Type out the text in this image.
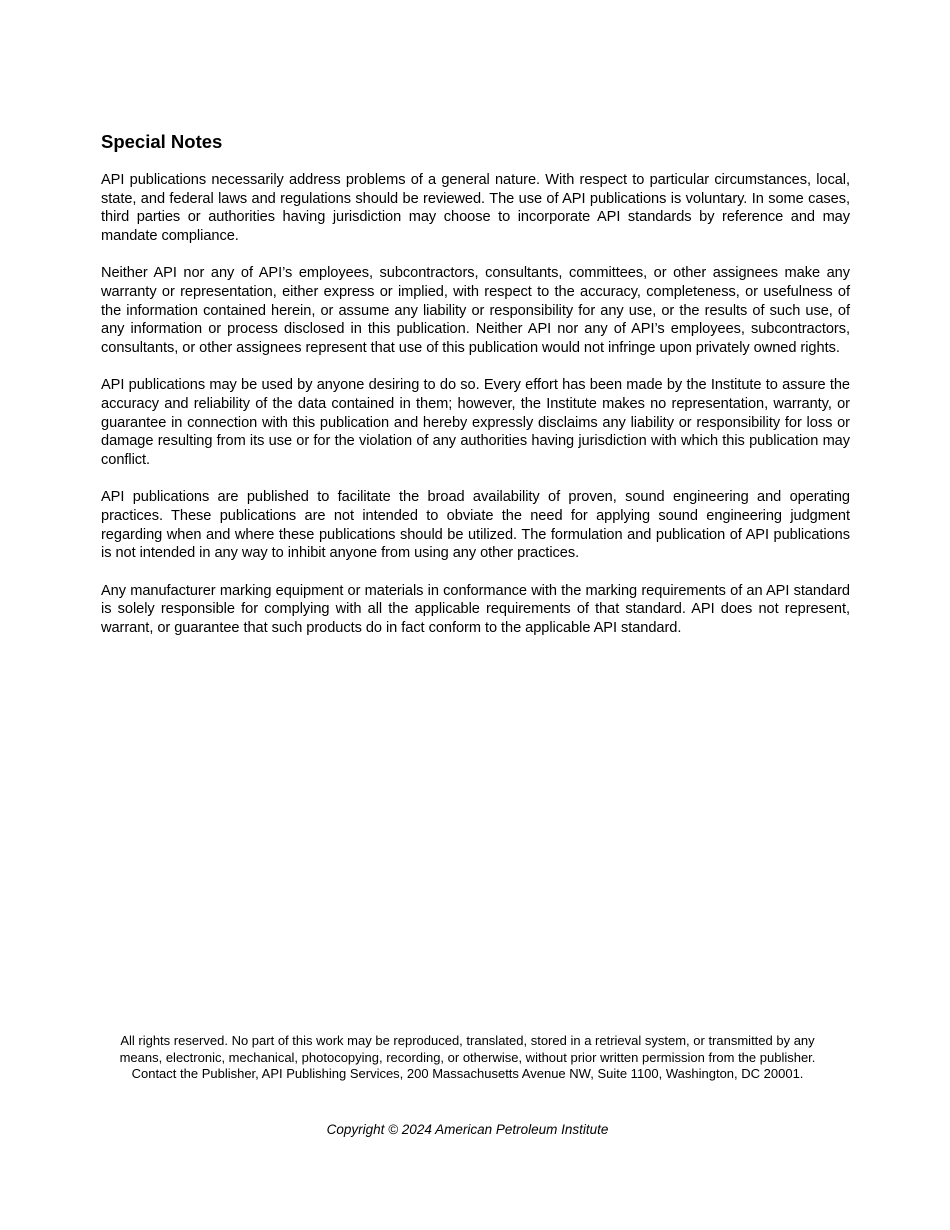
Special Notes

API publications necessarily address problems of a general nature. With respect to particular circumstances, local, state, and federal laws and regulations should be reviewed. The use of API publications is voluntary. In some cases, third parties or authorities having jurisdiction may choose to incorporate API standards by reference and may mandate compliance.

Neither API nor any of API’s employees, subcontractors, consultants, committees, or other assignees make any warranty or representation, either express or implied, with respect to the accuracy, completeness, or usefulness of the information contained herein, or assume any liability or responsibility for any use, or the results of such use, of any information or process disclosed in this publication. Neither API nor any of API’s employees, subcontractors, consultants, or other assignees represent that use of this publication would not infringe upon privately owned rights.

API publications may be used by anyone desiring to do so. Every effort has been made by the Institute to assure the accuracy and reliability of the data contained in them; however, the Institute makes no representation, warranty, or guarantee in connection with this publication and hereby expressly disclaims any liability or responsibility for loss or damage resulting from its use or for the violation of any authorities having jurisdiction with which this publication may conflict.

API publications are published to facilitate the broad availability of proven, sound engineering and operating practices. These publications are not intended to obviate the need for applying sound engineering judgment regarding when and where these publications should be utilized. The formulation and publication of API publications is not intended in any way to inhibit anyone from using any other practices.

Any manufacturer marking equipment or materials in conformance with the marking requirements of an API standard is solely responsible for complying with all the applicable requirements of that standard. API does not represent, warrant, or guarantee that such products do in fact conform to the applicable API standard.

All rights reserved. No part of this work may be reproduced, translated, stored in a retrieval system, or transmitted by any means, electronic, mechanical, photocopying, recording, or otherwise, without prior written permission from the publisher. Contact the Publisher, API Publishing Services, 200 Massachusetts Avenue NW, Suite 1100, Washington, DC 20001.

Copyright © 2024 American Petroleum Institute
